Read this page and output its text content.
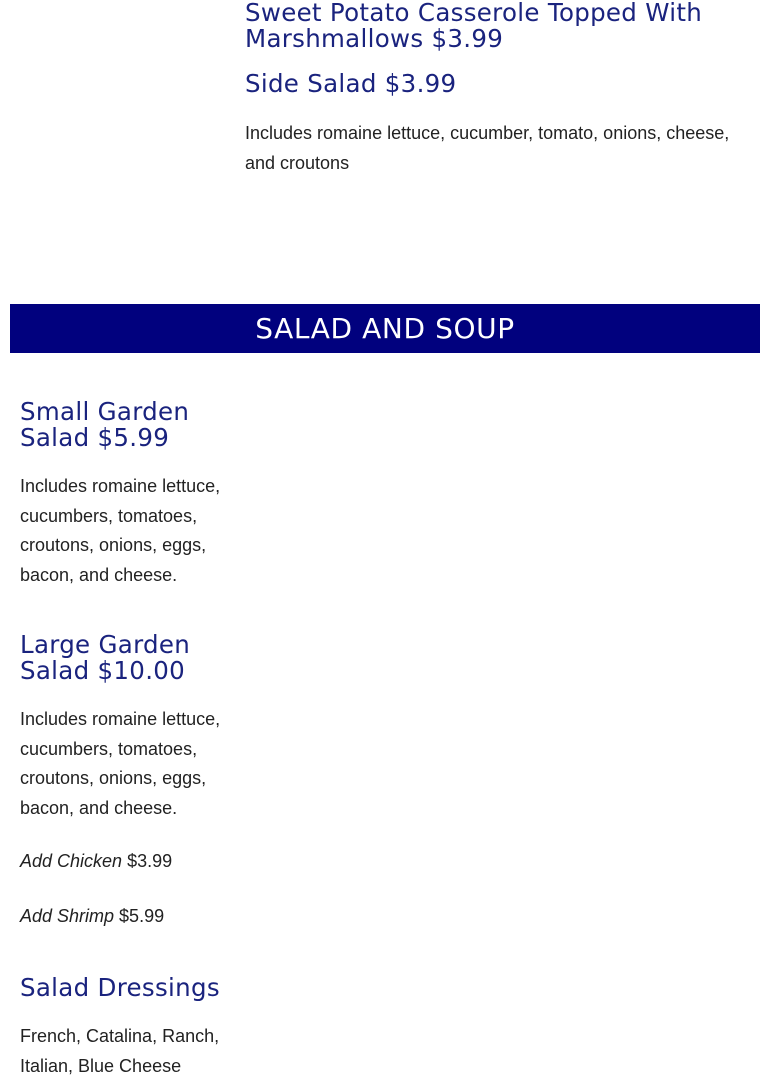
Sweet Potato Casserole Topped With Marshmallows $3.99
Side Salad $3.99

Includes romaine lettuce, cucumber, tomato, onions, cheese, and croutons

SALAD AND SOUP
Small Garden Salad $5.99

Includes romaine lettuce, cucumbers, tomatoes, croutons, onions, eggs, bacon, and cheese.

Large Garden Salad $10.00

Includes romaine lettuce, cucumbers, tomatoes, croutons, onions, eggs, bacon, and cheese.

Add Chicken $3.99

Add Shrimp $5.99

Salad Dressings

French, Catalina, Ranch, Italian, Blue Cheese
